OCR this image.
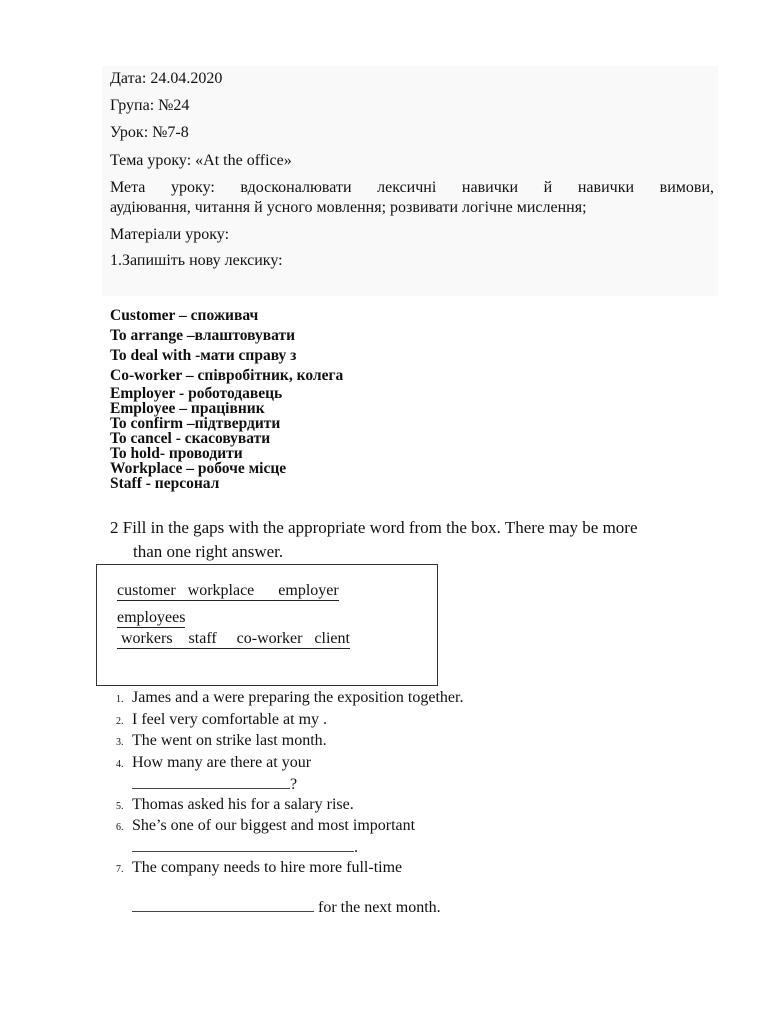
Дата: 24.04.2020
Група: №24
Урок: №7-8
Тема уроку: «At the office»
Мета уроку: вдосконалювати лексичні навички й навички вимови,
аудіювання, читання й усного мовлення; розвивати логічне мислення;
Матеріали уроку:
1.Запишіть нову лексику:
Customer – споживач
To arrange –влаштовувати
To deal with -мати справу з
Co-worker – співробітник, колега
Employer - роботодавець
Employee – працівник
To confirm –підтвердити
To cancel - скасовувати
To hold- проводити
Workplace – робоче місце
Staff - персонал
2 Fill in the gaps with the appropriate word from the box. There may be more
than one right answer.
customer   workplace      employer
employees
workers    staff     co-worker   client
1. James and a were preparing the exposition together.
2. I feel very comfortable at my .
3. The went on strike last month.
4. How many are there at your
?
5. Thomas asked his for a salary rise.
6. She’s one of our biggest and most important
.
7. The company needs to hire more full-time
for the next month.
